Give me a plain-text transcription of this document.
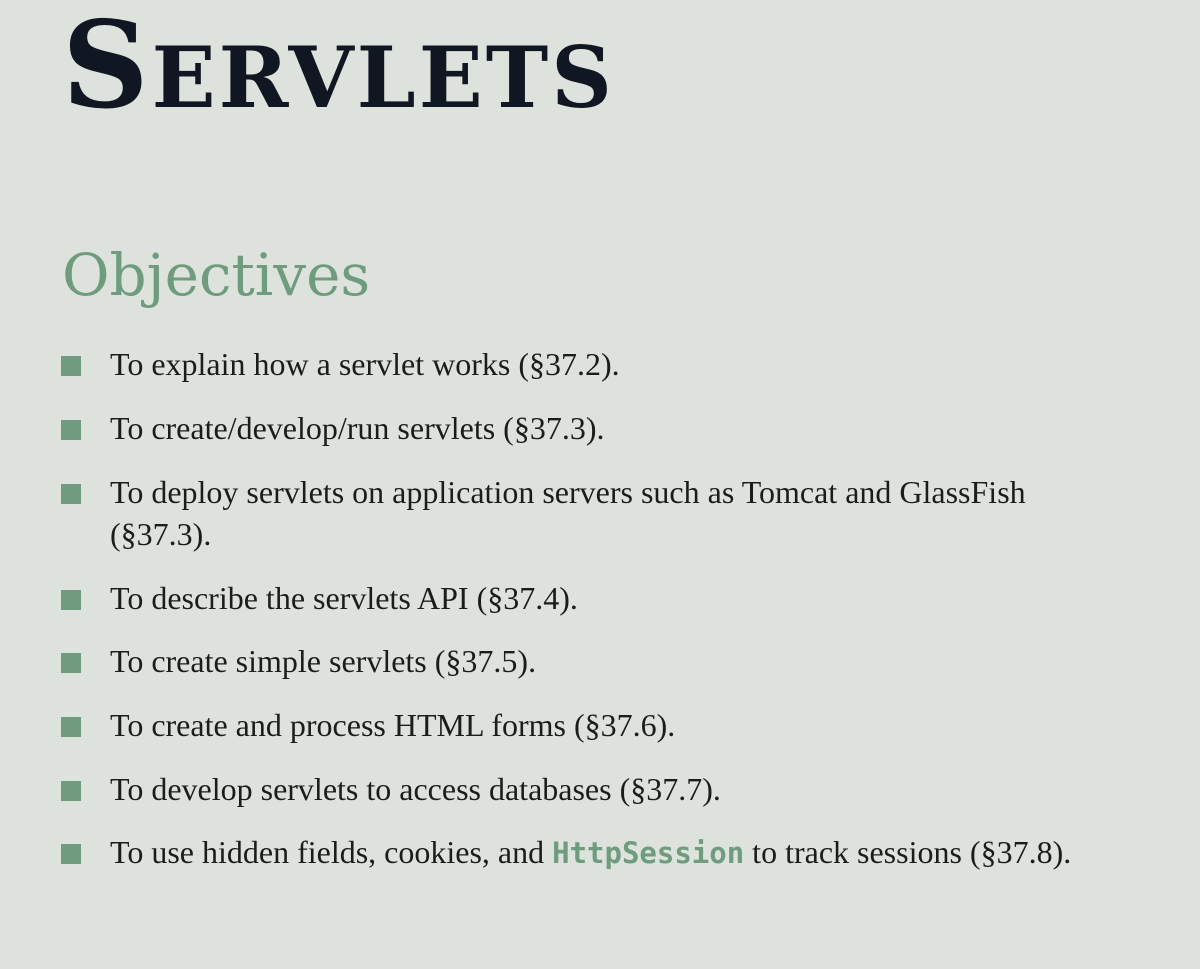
Servlets
Objectives
To explain how a servlet works (§37.2).
To create/develop/run servlets (§37.3).
To deploy servlets on application servers such as Tomcat and GlassFish (§37.3).
To describe the servlets API (§37.4).
To create simple servlets (§37.5).
To create and process HTML forms (§37.6).
To develop servlets to access databases (§37.7).
To use hidden fields, cookies, and HttpSession to track sessions (§37.8).
